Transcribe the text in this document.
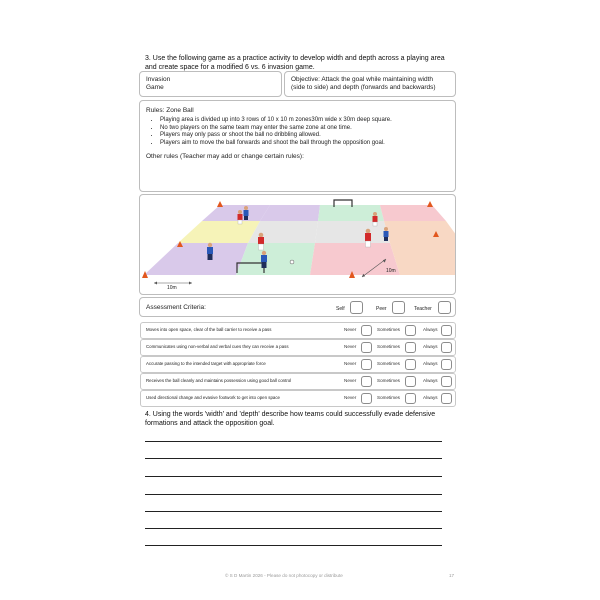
3. Use the following game as a practice activity to develop width and depth across a playing area
and create space for a modified 6 vs. 6 invasion game.
Invasion
Game
Objective: Attack the goal while maintaining width
(side to side) and depth (forwards and backwards)
Rules: Zone Ball
• Playing area is divided up into 3 rows of 10 x 10 m zones30m wide x 30m deep square.
• No two players on the same team may enter the same zone at one time.
• Players may only pass or shoot the ball no dribbling allowed.
• Players aim to move the ball forwards and shoot the ball through the opposition goal.
Other rules (Teacher may add or change certain rules):
10m
10m
Assessment Criteria:	Self	Peer	Teacher
Moves into open space, clear of the ball carrier to receive a pass	Never	Sometimes	Always
Communicates using non-verbal and verbal cues they can receive a pass	Never	Sometimes	Always
Accurate passing to the intended target with appropriate force	Never	Sometimes	Always
Receives the ball cleanly and maintains possession using good ball control	Never	Sometimes	Always
Used directional change and evasive footwork to get into open space	Never	Sometimes	Always
4. Using the words 'width' and 'depth' describe how teams could successfully evade defensive
formations and attack the opposition goal.
© S D Martin 2026 - Please do not photocopy or distribute	17
